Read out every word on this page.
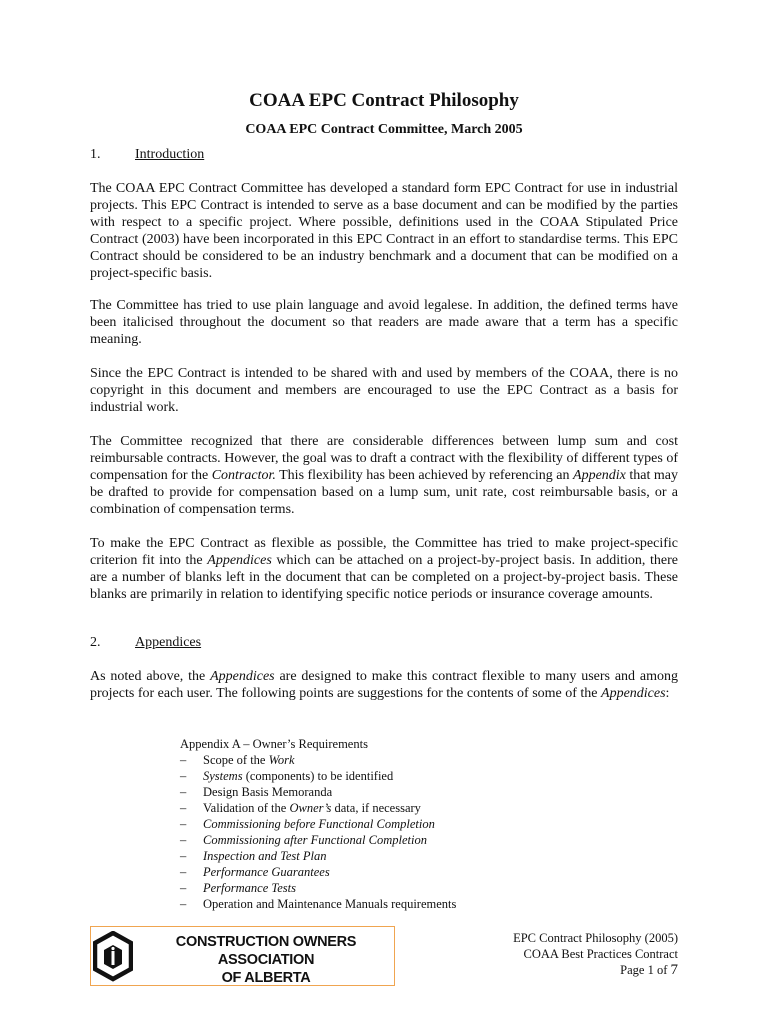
COAA EPC Contract Philosophy
COAA EPC Contract Committee, March 2005
1. Introduction

The COAA EPC Contract Committee has developed a standard form EPC Contract for use in industrial projects. This EPC Contract is intended to serve as a base document and can be modified by the parties with respect to a specific project. Where possible, definitions used in the COAA Stipulated Price Contract (2003) have been incorporated in this EPC Contract in an effort to standardise terms. This EPC Contract should be considered to be an industry benchmark and a document that can be modified on a project-specific basis.

The Committee has tried to use plain language and avoid legalese. In addition, the defined terms have been italicised throughout the document so that readers are made aware that a term has a specific meaning.

Since the EPC Contract is intended to be shared with and used by members of the COAA, there is no copyright in this document and members are encouraged to use the EPC Contract as a basis for industrial work.

The Committee recognized that there are considerable differences between lump sum and cost reimbursable contracts. However, the goal was to draft a contract with the flexibility of different types of compensation for the Contractor. This flexibility has been achieved by referencing an Appendix that may be drafted to provide for compensation based on a lump sum, unit rate, cost reimbursable basis, or a combination of compensation terms.

To make the EPC Contract as flexible as possible, the Committee has tried to make project-specific criterion fit into the Appendices which can be attached on a project-by-project basis. In addition, there are a number of blanks left in the document that can be completed on a project-by-project basis. These blanks are primarily in relation to identifying specific notice periods or insurance coverage amounts.

2. Appendices

As noted above, the Appendices are designed to make this contract flexible to many users and among projects for each user. The following points are suggestions for the contents of some of the Appendices:

Appendix A – Owner’s Requirements
– Scope of the Work
– Systems (components) to be identified
– Design Basis Memoranda
– Validation of the Owner’s data, if necessary
– Commissioning before Functional Completion
– Commissioning after Functional Completion
– Inspection and Test Plan
– Performance Guarantees
– Performance Tests
– Operation and Maintenance Manuals requirements
CONSTRUCTION OWNERS ASSOCIATION
OF ALBERTA
EPC Contract Philosophy (2005)
COAA Best Practices Contract
Page 1 of 7
